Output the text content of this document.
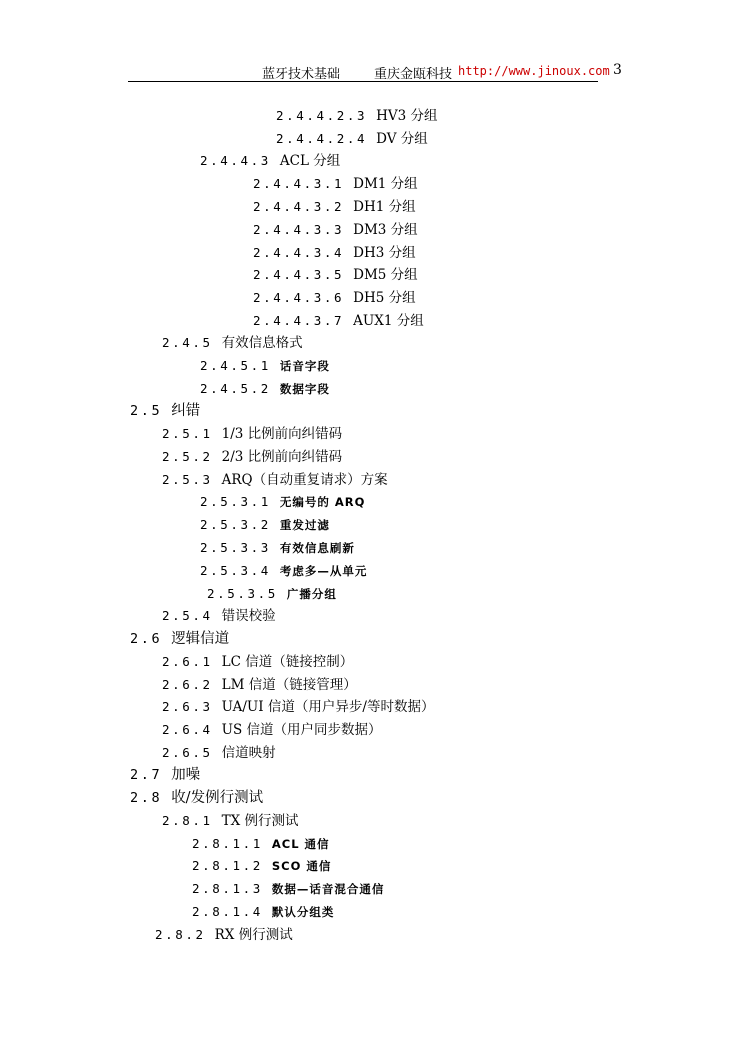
蓝牙技术基础	重庆金瓯科技 http://www.jinoux.com 3
2.4.4.2.3 HV3 分组
2.4.4.2.4 DV 分组
2.4.4.3 ACL 分组
2.4.4.3.1 DM1 分组
2.4.4.3.2 DH1 分组
2.4.4.3.3 DM3 分组
2.4.4.3.4 DH3 分组
2.4.4.3.5 DM5 分组
2.4.4.3.6 DH5 分组
2.4.4.3.7 AUX1 分组
2.4.5 有效信息格式
2.4.5.1 话音字段
2.4.5.2 数据字段
2.5 纠错
2.5.1 1/3 比例前向纠错码
2.5.2 2/3 比例前向纠错码
2.5.3 ARQ（自动重复请求）方案
2.5.3.1 无编号的 ARQ
2.5.3.2 重发过滤
2.5.3.3 有效信息刷新
2.5.3.4 考虑多—从单元
2.5.3.5 广播分组
2.5.4 错误校验
2.6 逻辑信道
2.6.1 LC 信道（链接控制）
2.6.2 LM 信道（链接管理）
2.6.3 UA/UI 信道（用户异步/等时数据）
2.6.4 US 信道（用户同步数据）
2.6.5 信道映射
2.7 加噪
2.8 收/发例行测试
2.8.1 TX 例行测试
2.8.1.1 ACL 通信
2.8.1.2 SCO 通信
2.8.1.3 数据—话音混合通信
2.8.1.4 默认分组类
2.8.2 RX 例行测试
